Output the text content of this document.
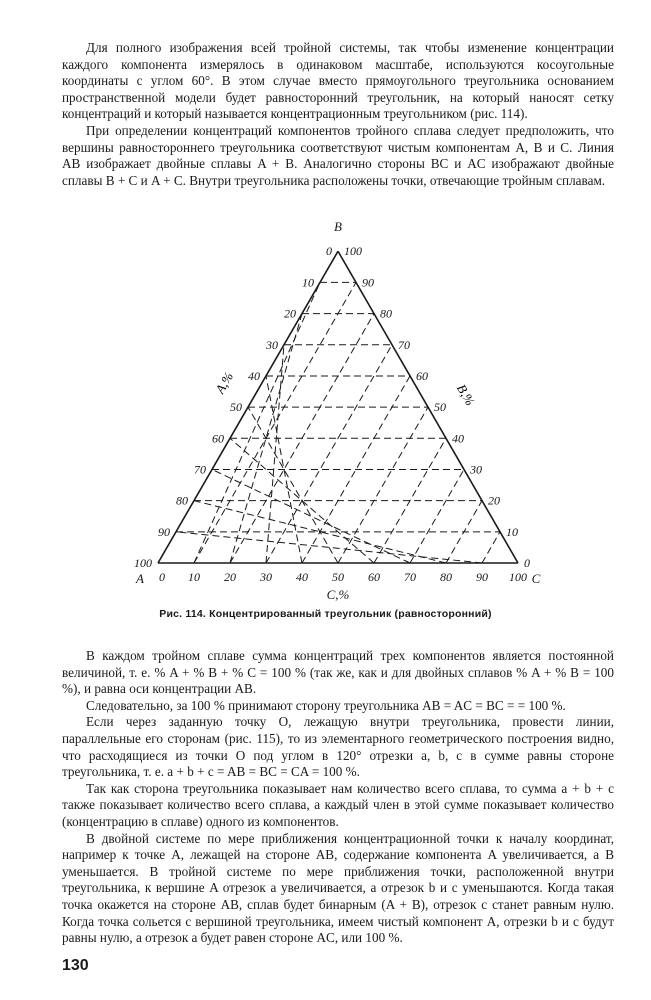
Для полного изображения всей тройной системы, так чтобы изменение концентрации каждого компонента измерялось в одинаковом масштабе, используются косоугольные координаты с углом 60°. В этом случае вместо прямоугольного треугольника основанием пространственной модели будет равносторонний треугольник, на который наносят сетку концентраций и который называется концентрационным треугольником (рис. 114).

При определении концентраций компонентов тройного сплава следует предположить, что вершины равностороннего треугольника соответствуют чистым компонентам A, B и C. Линия AB изображает двойные сплавы A + B. Аналогично стороны BC и AC изображают двойные сплавы B + C и A + C. Внутри треугольника расположены точки, отвечающие тройным сплавам.

0 10 20 30 40 50 60 70 80 90 100
0
10
20
30
40
50
60
70
80
90
100
100
90
80
70
60
50
40
30
20
10
0
B
A	C
A,%	B,%
C,%
Рис. 114. Концентрированный треугольник (равносторонний)

В каждом тройном сплаве сумма концентраций трех компонентов является постоянной величиной, т. е. % A + % B + % C = 100 % (так же, как и для двойных сплавов % A + % B = 100 %), и равна оси концентрации AB.

Следовательно, за 100 % принимают сторону треугольника AB = AC = BC = = 100 %.

Если через заданную точку O, лежащую внутри треугольника, провести линии, параллельные его сторонам (рис. 115), то из элементарного геометрического построения видно, что расходящиеся из точки O под углом в 120° отрезки a, b, c в сумме равны стороне треугольника, т. е. a + b + c = AB = BC = CA = 100 %.

Так как сторона треугольника показывает нам количество всего сплава, то сумма a + b + c также показывает количество всего сплава, а каждый член в этой сумме показывает количество (концентрацию в сплаве) одного из компонентов.

В двойной системе по мере приближения концентрационной точки к началу координат, например к точке A, лежащей на стороне AB, содержание компонента A увеличивается, а B уменьшается. В тройной системе по мере приближения точки, расположенной внутри треугольника, к вершине A отрезок a увеличивается, а отрезок b и c уменьшаются. Когда такая точка окажется на стороне AB, сплав будет бинарным (A + B), отрезок c станет равным нулю. Когда точка сольется с вершиной треугольника, имеем чистый компонент A, отрезки b и c будут равны нулю, а отрезок a будет равен стороне AC, или 100 %.

130
